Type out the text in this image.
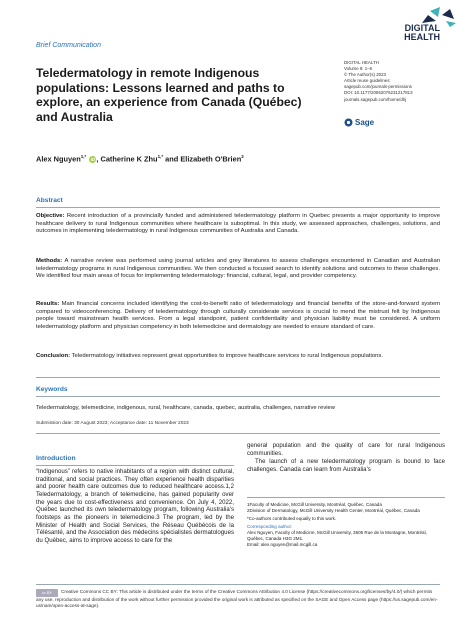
Brief Communication
DIGITAL
HEALTH
DIGITAL HEALTH
Volume 9: 1–6
© The Author(s) 2023
Article reuse guidelines:
sagepub.com/journals-permissions
DOI: 10.1177/20552076231217813
journals.sagepub.com/home/dhj
Sage
Teledermatology in remote Indigenous populations: Lessons learned and paths to explore, an experience from Canada (Québec) and Australia
Alex Nguyen$^{1,*}$ iD, Catherine K Zhu$^{1,*}$ and Elizabeth O'Brien$^2$
Abstract
Objective: Recent introduction of a provincially funded and administered teledermatology platform in Quebec presents a major opportunity to improve healthcare delivery to rural Indigenous communities where healthcare is suboptimal. In this study, we assessed approaches, challenges, solutions, and outcomes in implementing teledermatology in rural Indigenous communities of Australia and Canada.
Methods: A narrative review was performed using journal articles and grey literatures to assess challenges encountered in Canadian and Australian teledermatology programs in rural Indigenous communities. We then conducted a focused search to identify solutions and outcomes to these challenges. We identified four main areas of focus for implementing teledermatology: financial, cultural, legal, and provider competency.
Results: Main financial concerns included identifying the cost-to-benefit ratio of teledermatology and financial benefits of the store-and-forward system compared to videoconferencing. Delivery of teledermatology through culturally considerate services is crucial to mend the mistrust felt by Indigenous people toward mainstream health services. From a legal standpoint, patient confidentiality and physician liability must be considered. A uniform teledermatology platform and physician competency in both telemedicine and dermatology are needed to ensure standard of care.
Conclusion: Teledermatology initiatives represent great opportunities to improve healthcare services to rural Indigenous populations.
Keywords
Teledermatology, telemedicine, indigenous, rural, healthcare, canada, quebec, australia, challenges, narrative review
Submission date: 30 August 2023; Acceptance date: 11 November 2023
Introduction
“Indigenous” refers to native inhabitants of a region with distinct cultural, traditional, and social practices. They often experience health disparities and poorer health care outcomes due to reduced healthcare access.1,2 Teledermatology, a branch of telemedicine, has gained popularity over the years due to cost-effectiveness and convenience. On July 4, 2022, Québec launched its own teledermatology program, following Australia's footsteps as the pioneers in telemedicine.3 The program, led by the Minister of Health and Social Services, the Réseau Québécois de la Télésanté, and the Association des médecins spécialistes dermatologues du Québec, aims to improve access to care for the
general population and the quality of care for rural Indigenous communities.
The launch of a new teledermatology program is bound to face challenges. Canada can learn from Australia's
1Faculty of Medicine, McGill University, Montréal, Québec, Canada
2Division of Dermatology, McGill University Health Center, Montréal, Québec, Canada
*Co-authors contributed equally to this work.
Corresponding author:
Alex Nguyen, Faculty of Medicine, McGill University, 3605 Rue de la Montagne, Montréal, Québec, Canada H3G 2M1.
Email: alex.nguyen@mail.mcgill.ca
cc BY Creative Commons CC BY: This article is distributed under the terms of the Creative Commons Attribution 4.0 License (https://creativecommons.org/licenses/by/4.0/) which permits any use, reproduction and distribution of the work without further permission provided the original work is attributed as specified on the SAGE and Open Access page (https://us.sagepub.com/en-us/nam/open-access-at-sage).
